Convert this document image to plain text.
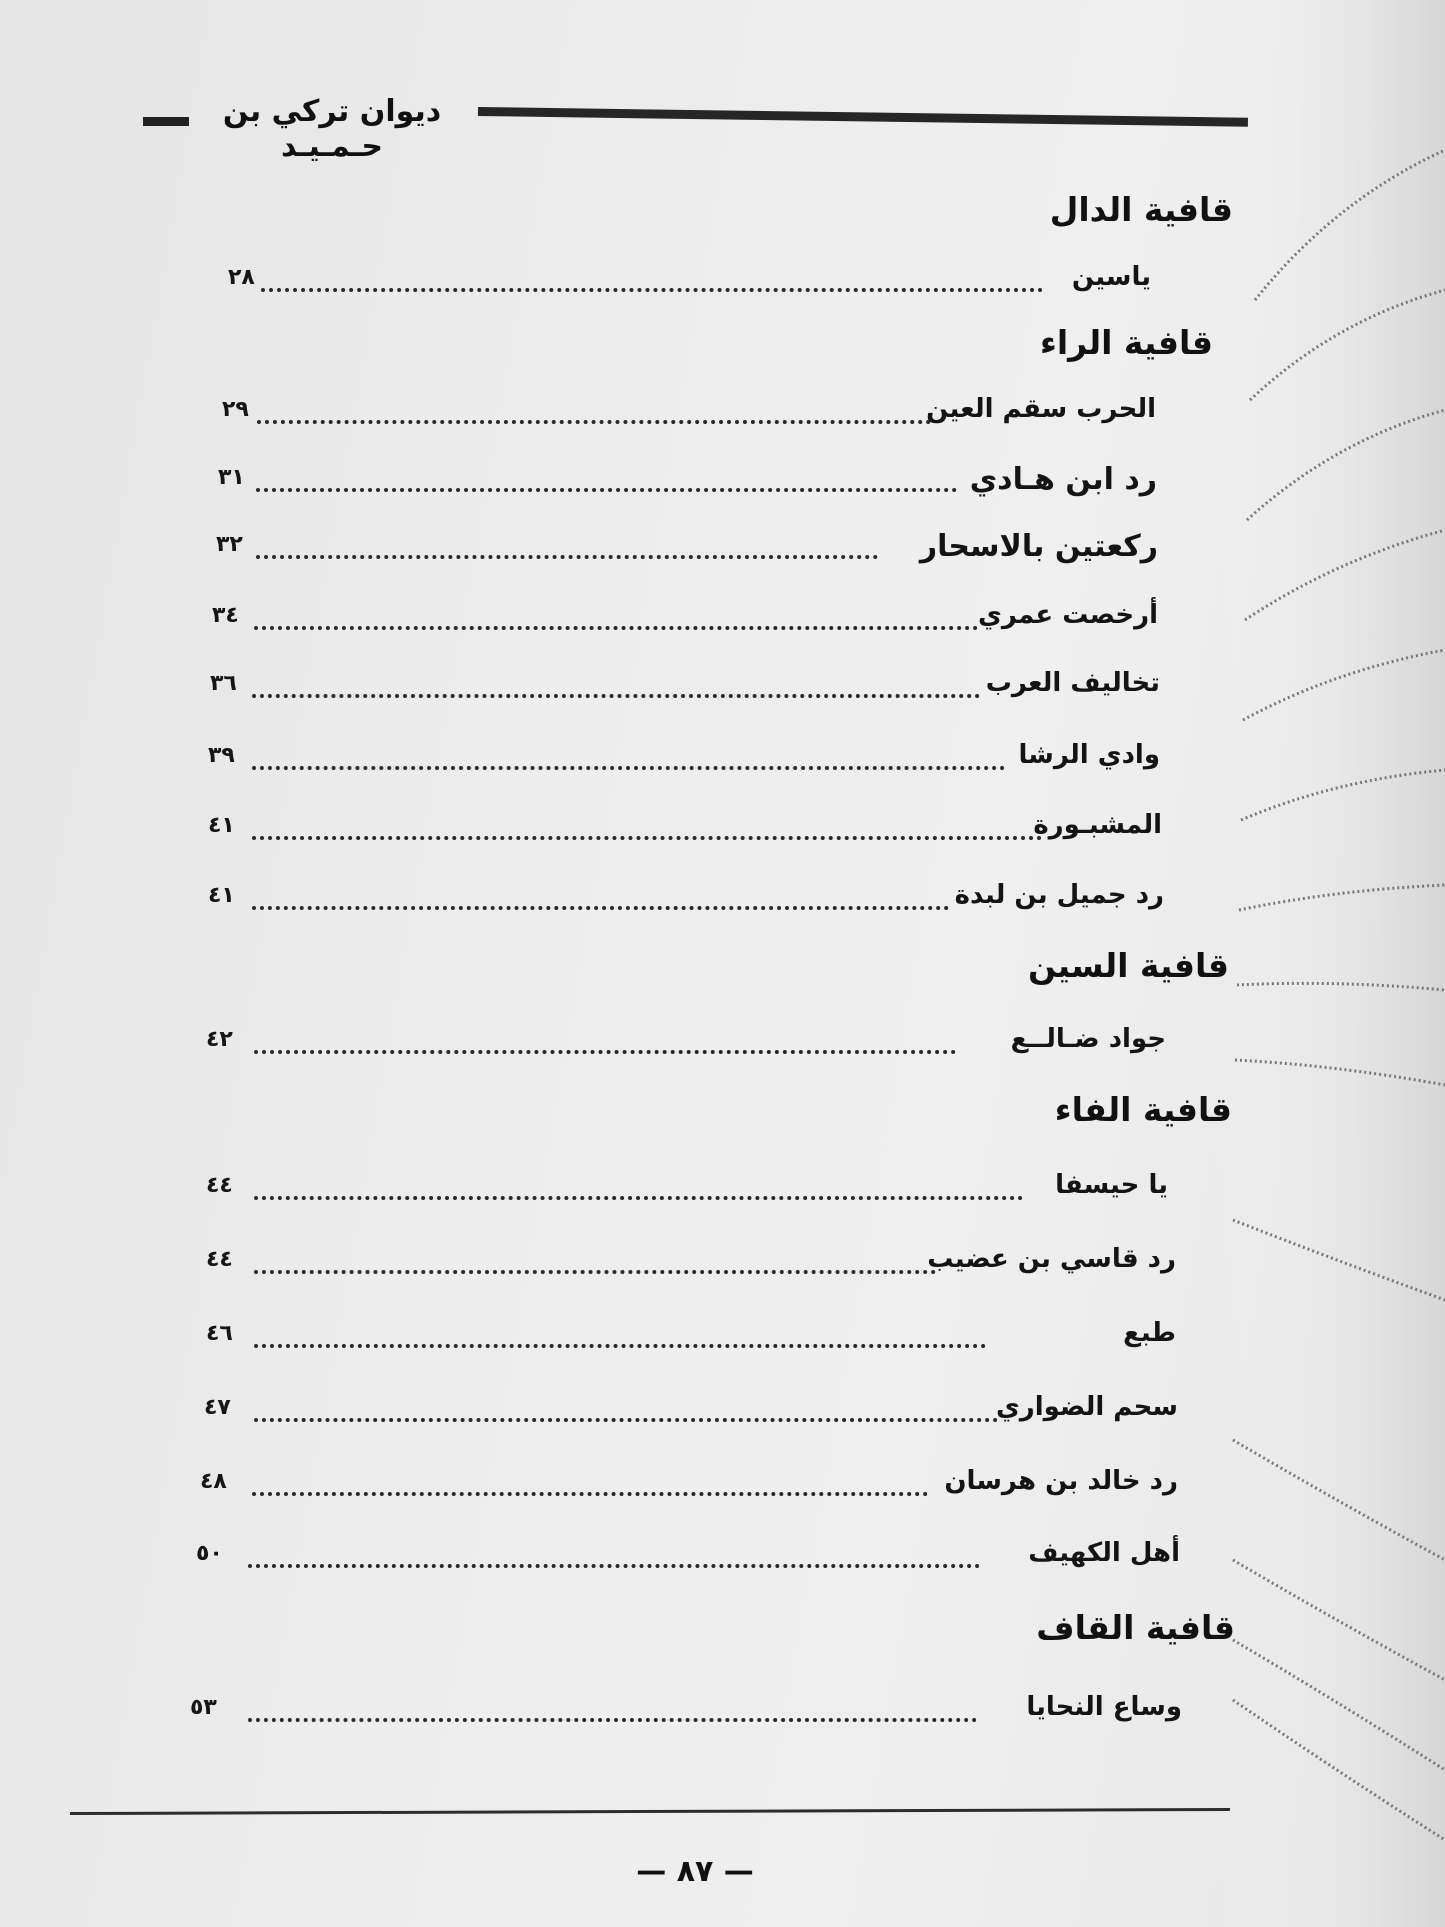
ديوان تركي بن حـمـيـد
قافية الدال
ياسين
٢٨
قافية الراء
الحرب سقم العين
٢٩
رد ابن هـادي
٣١
ركعتين بالاسحار
٣٢
أرخصت عمري
٣٤
تخاليف العرب
٣٦
وادي الرشا
٣٩
المشبـورة
٤١
رد جميل بن لبدة
٤١
قافية السين
جواد ضـالــع
٤٢
قافية الفاء
يا حيسفا
٤٤
رد قاسي بن عضيب
٤٤
طبع
٤٦
سحم الضواري
٤٧
رد خالد بن هرسان
٤٨
أهل الكهيف
٥٠
قافية القاف
وساع النحايا
٥٣
— ٨٧ —
